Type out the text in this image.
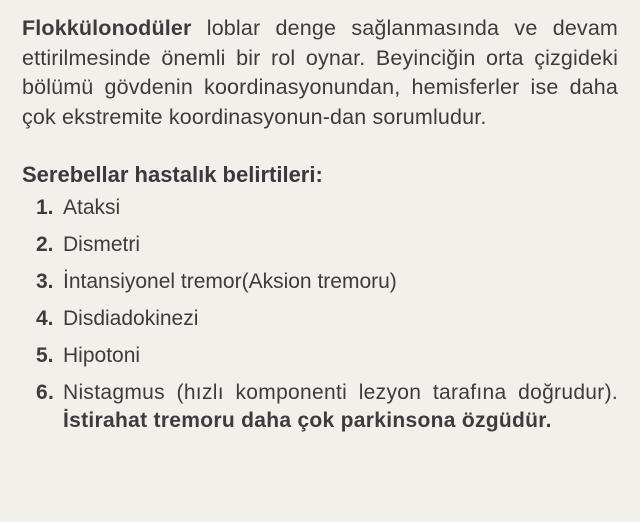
Flokkülonodüler loblar denge sağlanmasında ve devam ettirilmesinde önemli bir rol oynar. Beyinciğin orta çizgideki bölümü gövdenin koordinasyonundan, hemisferler ise daha çok ekstremite koordinasyonun-dan sorumludur.

Serebellar hastalık belirtileri:
1. Ataksi
2. Dismetri
3. İntansiyonel tremor(Aksion tremoru)
4. Disdiadokinezi
5. Hipotoni
6. Nistagmus (hızlı komponenti lezyon tarafına doğrudur). İstirahat tremoru daha çok parkinsona özgüdür.
